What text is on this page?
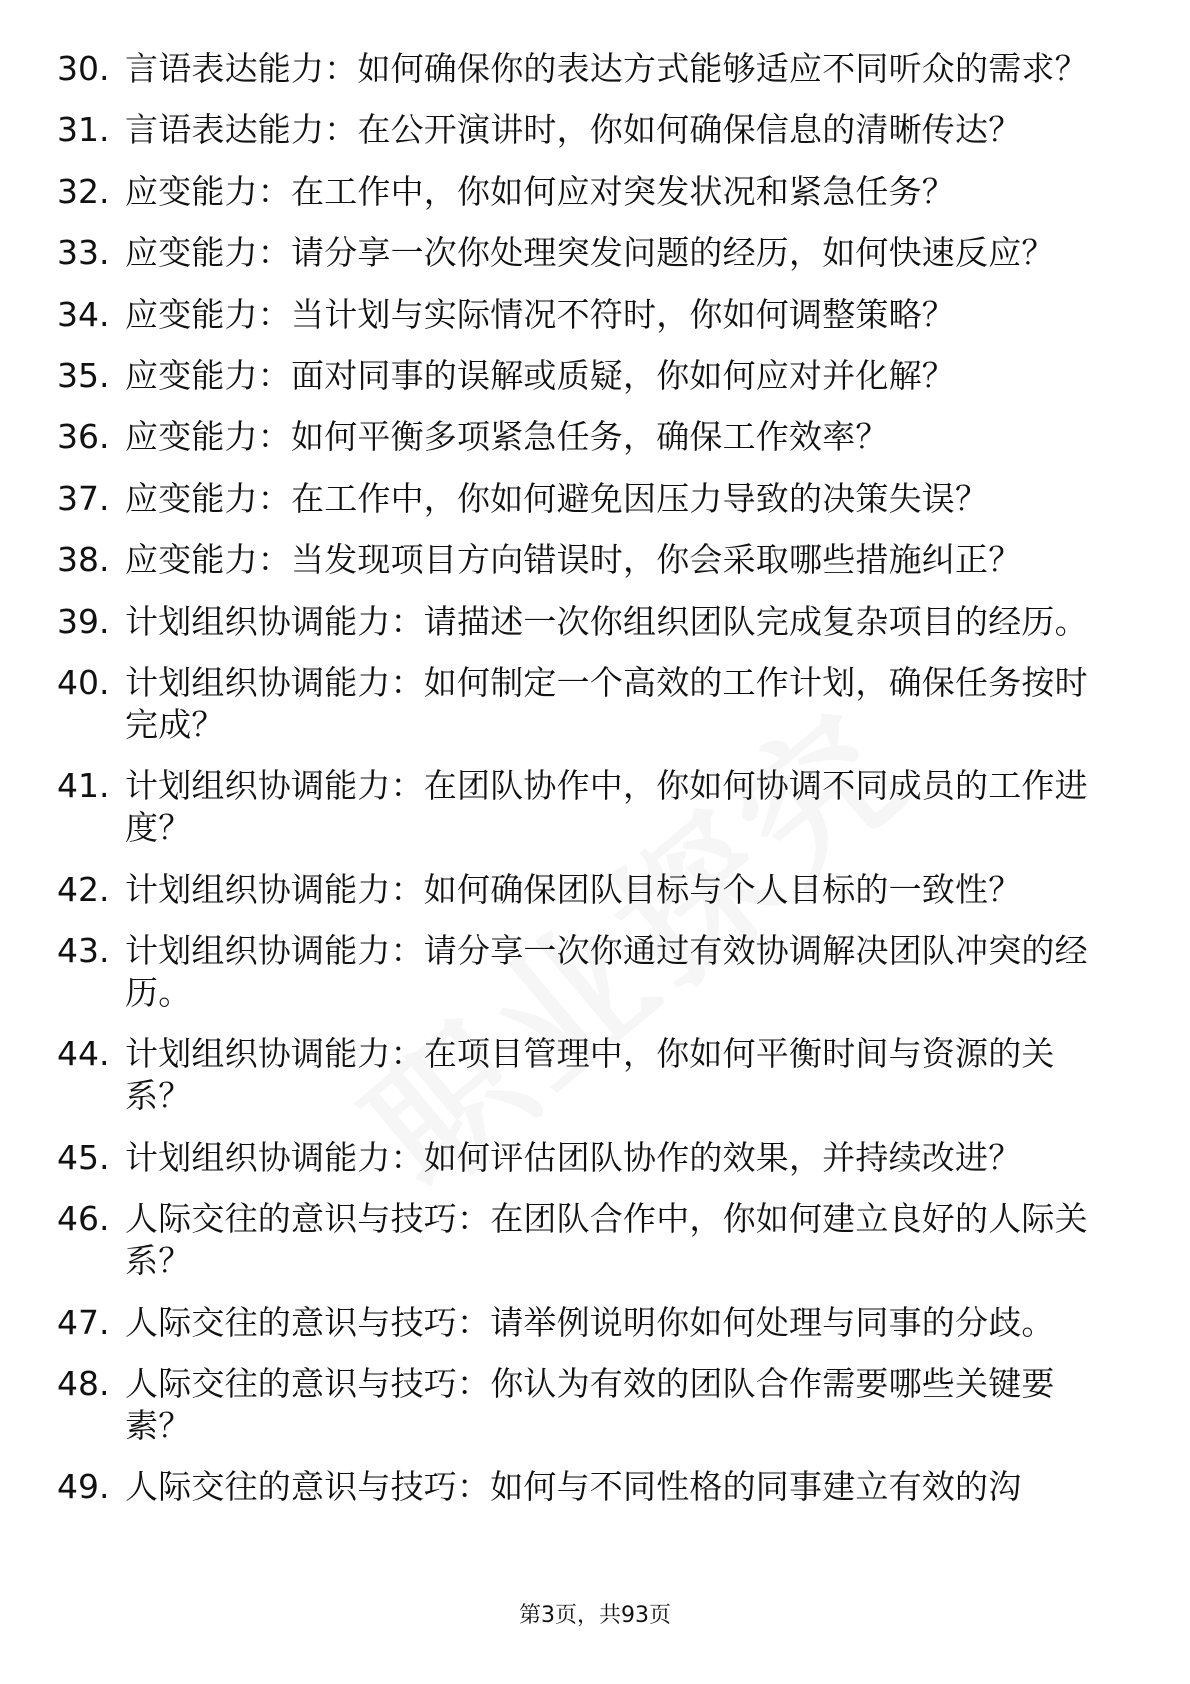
30. 言语表达能力：如何确保你的表达方式能够适应不同听众的需求？
31. 言语表达能力：在公开演讲时，你如何确保信息的清晰传达？
32. 应变能力：在工作中，你如何应对突发状况和紧急任务？
33. 应变能力：请分享一次你处理突发问题的经历，如何快速反应？
34. 应变能力：当计划与实际情况不符时，你如何调整策略？
35. 应变能力：面对同事的误解或质疑，你如何应对并化解？
36. 应变能力：如何平衡多项紧急任务，确保工作效率？
37. 应变能力：在工作中，你如何避免因压力导致的决策失误？
38. 应变能力：当发现项目方向错误时，你会采取哪些措施纠正？
39. 计划组织协调能力：请描述一次你组织团队完成复杂项目的经历。
40. 计划组织协调能力：如何制定一个高效的工作计划，确保任务按时完成？
41. 计划组织协调能力：在团队协作中，你如何协调不同成员的工作进度？
42. 计划组织协调能力：如何确保团队目标与个人目标的一致性？
43. 计划组织协调能力：请分享一次你通过有效协调解决团队冲突的经历。
44. 计划组织协调能力：在项目管理中，你如何平衡时间与资源的关系？
45. 计划组织协调能力：如何评估团队协作的效果，并持续改进？
46. 人际交往的意识与技巧：在团队合作中，你如何建立良好的人际关系？
47. 人际交往的意识与技巧：请举例说明你如何处理与同事的分歧。
48. 人际交往的意识与技巧：你认为有效的团队合作需要哪些关键要素？
49. 人际交往的意识与技巧：如何与不同性格的同事建立有效的沟
第3页，共93页
